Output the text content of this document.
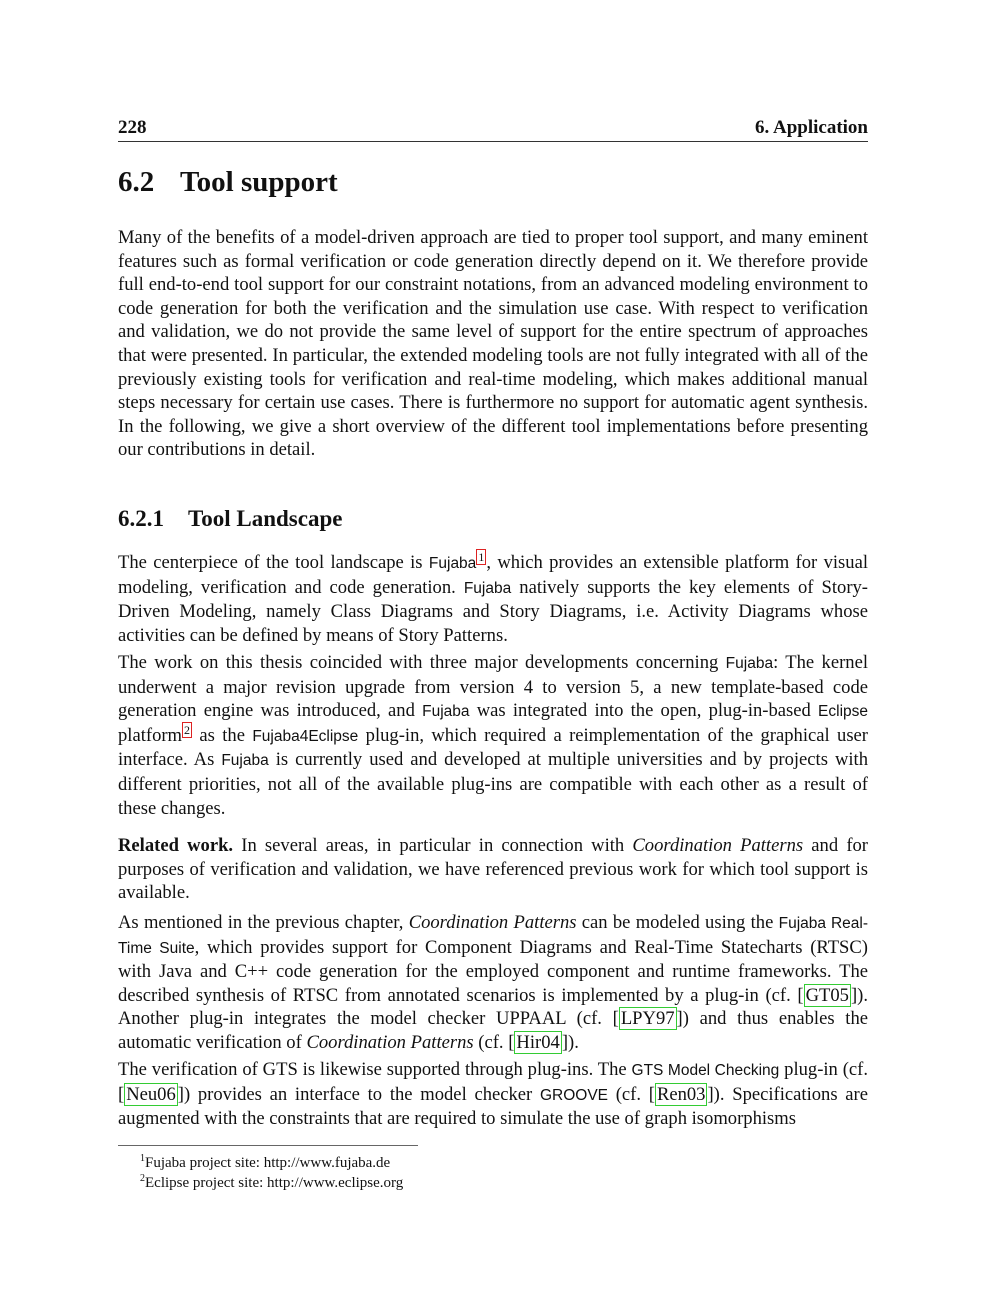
228	6. Application
6.2 Tool support

Many of the benefits of a model-driven approach are tied to proper tool support, and many eminent features such as formal verification or code generation directly depend on it. We therefore provide full end-to-end tool support for our constraint notations, from an advanced modeling environment to code generation for both the verification and the simulation use case. With respect to verification and validation, we do not provide the same level of support for the entire spectrum of approaches that were presented. In particular, the extended modeling tools are not fully integrated with all of the previously existing tools for verification and real-time modeling, which makes additional manual steps necessary for certain use cases. There is furthermore no support for automatic agent synthesis. In the following, we give a short overview of the different tool implementations before presenting our contributions in detail.

6.2.1 Tool Landscape

The centerpiece of the tool landscape is Fujaba $^1$ , which provides an extensible platform for visual modeling, verification and code generation. Fujaba natively supports the key elements of Story-Driven Modeling, namely Class Diagrams and Story Diagrams, i.e. Activity Diagrams whose activities can be defined by means of Story Patterns.

The work on this thesis coincided with three major developments concerning Fujaba: The kernel underwent a major revision upgrade from version 4 to version 5, a new template-based code generation engine was introduced, and Fujaba was integrated into the open, plug-in-based Eclipse platform $^2$ as the Fujaba4Eclipse plug-in, which required a reimplementation of the graphical user interface. As Fujaba is currently used and developed at multiple universities and by projects with different priorities, not all of the available plug-ins are compatible with each other as a result of these changes.

Related work. In several areas, in particular in connection with Coordination Patterns and for purposes of verification and validation, we have referenced previous work for which tool support is available.

As mentioned in the previous chapter, Coordination Patterns can be modeled using the Fujaba Real-Time Suite, which provides support for Component Diagrams and Real-Time Statecharts (RTSC) with Java and C++ code generation for the employed component and runtime frameworks. The described synthesis of RTSC from annotated scenarios is implemented by a plug-in (cf. [ GT05 ]). Another plug-in integrates the model checker UPPAAL (cf. [ LPY97 ]) and thus enables the automatic verification of Coordination Patterns (cf. [ Hir04 ]).

The verification of GTS is likewise supported through plug-ins. The GTS Model Checking plug-in (cf. [ Neu06 ]) provides an interface to the model checker GROOVE (cf. [ Ren03 ]). Specifications are augmented with the constraints that are required to simulate the use of graph isomorphisms

$^1$Fujaba project site: http://www.fujaba.de
$^2$Eclipse project site: http://www.eclipse.org
